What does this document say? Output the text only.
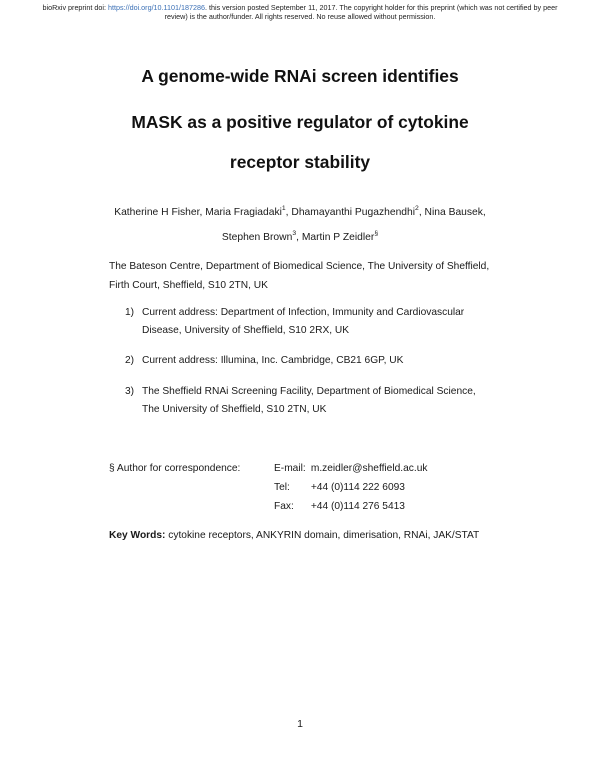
bioRxiv preprint doi: https://doi.org/10.1101/187286. this version posted September 11, 2017. The copyright holder for this preprint (which was not certified by peer review) is the author/funder. All rights reserved. No reuse allowed without permission.
A genome-wide RNAi screen identifies
MASK as a positive regulator of cytokine
receptor stability
Katherine H Fisher, Maria Fragiadaki$^1$, Dhamayanthi Pugazhendhi$^2$, Nina Bausek, Stephen Brown$^3$, Martin P Zeidler§
The Bateson Centre, Department of Biomedical Science, The University of Sheffield, Firth Court, Sheffield, S10 2TN, UK
1) Current address: Department of Infection, Immunity and Cardiovascular Disease, University of Sheffield, S10 2RX, UK
2) Current address: Illumina, Inc. Cambridge, CB21 6GP, UK
3) The Sheffield RNAi Screening Facility, Department of Biomedical Science, The University of Sheffield, S10 2TN, UK
§ Author for correspondence:	E-mail: m.zeidler@sheffield.ac.uk
Tel: +44 (0)114 222 6093
Fax: +44 (0)114 276 5413
Key Words: cytokine receptors, ANKYRIN domain, dimerisation, RNAi, JAK/STAT
1
